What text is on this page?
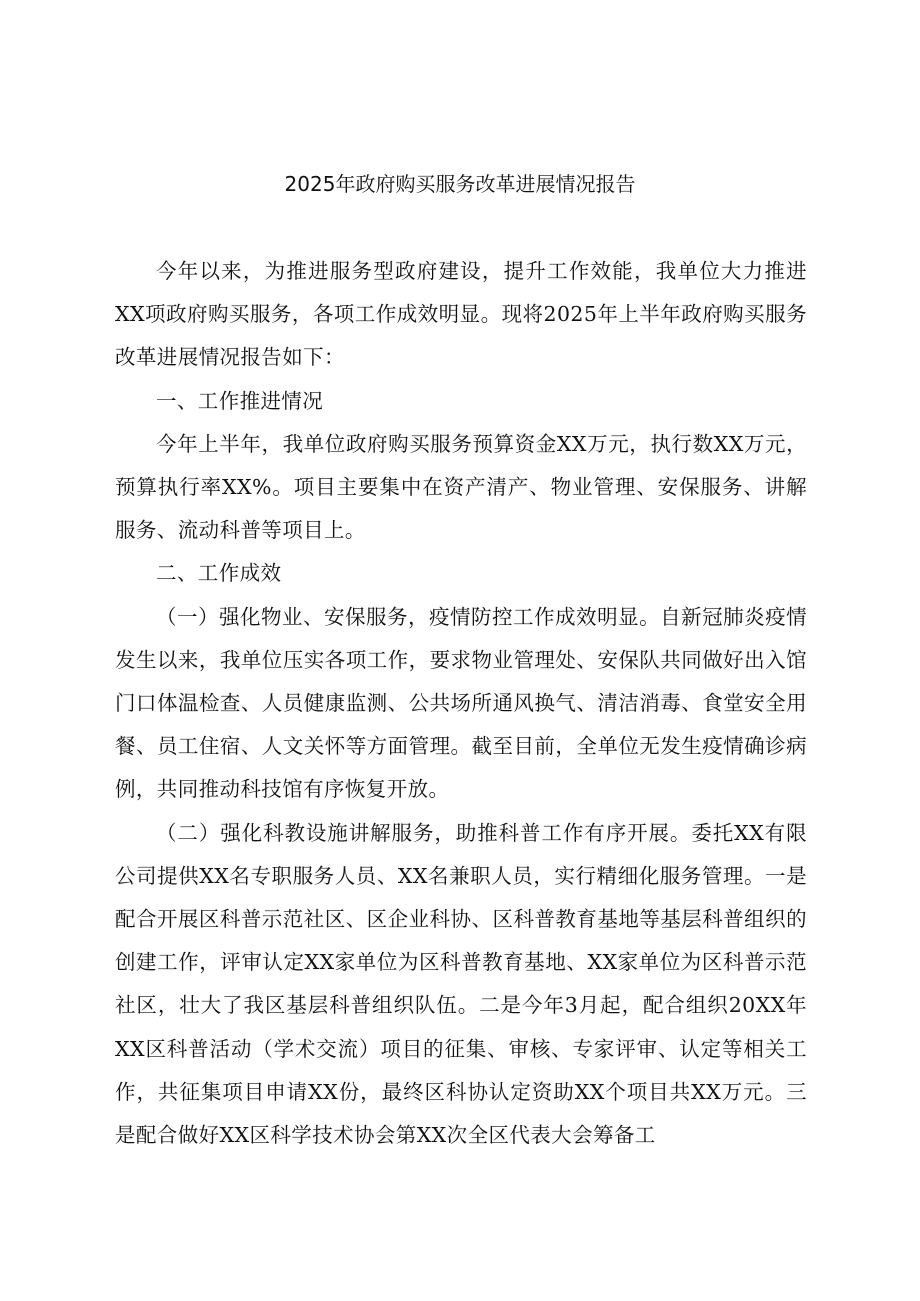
2025年政府购买服务改革进展情况报告

今年以来，为推进服务型政府建设，提升工作效能，我单位大力推进XX项政府购买服务，各项工作成效明显。现将2025年上半年政府购买服务改革进展情况报告如下：

一、工作推进情况

今年上半年，我单位政府购买服务预算资金XX万元，执行数XX万元，预算执行率XX%。项目主要集中在资产清产、物业管理、安保服务、讲解服务、流动科普等项目上。

二、工作成效

（一）强化物业、安保服务，疫情防控工作成效明显。自新冠肺炎疫情发生以来，我单位压实各项工作，要求物业管理处、安保队共同做好出入馆门口体温检查、人员健康监测、公共场所通风换气、清洁消毒、食堂安全用餐、员工住宿、人文关怀等方面管理。截至目前，全单位无发生疫情确诊病例，共同推动科技馆有序恢复开放。

（二）强化科教设施讲解服务，助推科普工作有序开展。委托XX有限公司提供XX名专职服务人员、XX名兼职人员，实行精细化服务管理。一是配合开展区科普示范社区、区企业科协、区科普教育基地等基层科普组织的创建工作，评审认定XX家单位为区科普教育基地、XX家单位为区科普示范社区，壮大了我区基层科普组织队伍。二是今年3月起，配合组织20XX年XX区科普活动（学术交流）项目的征集、审核、专家评审、认定等相关工作，共征集项目申请XX份，最终区科协认定资助XX个项目共XX万元。三是配合做好XX区科学技术协会第XX次全区代表大会筹备工
